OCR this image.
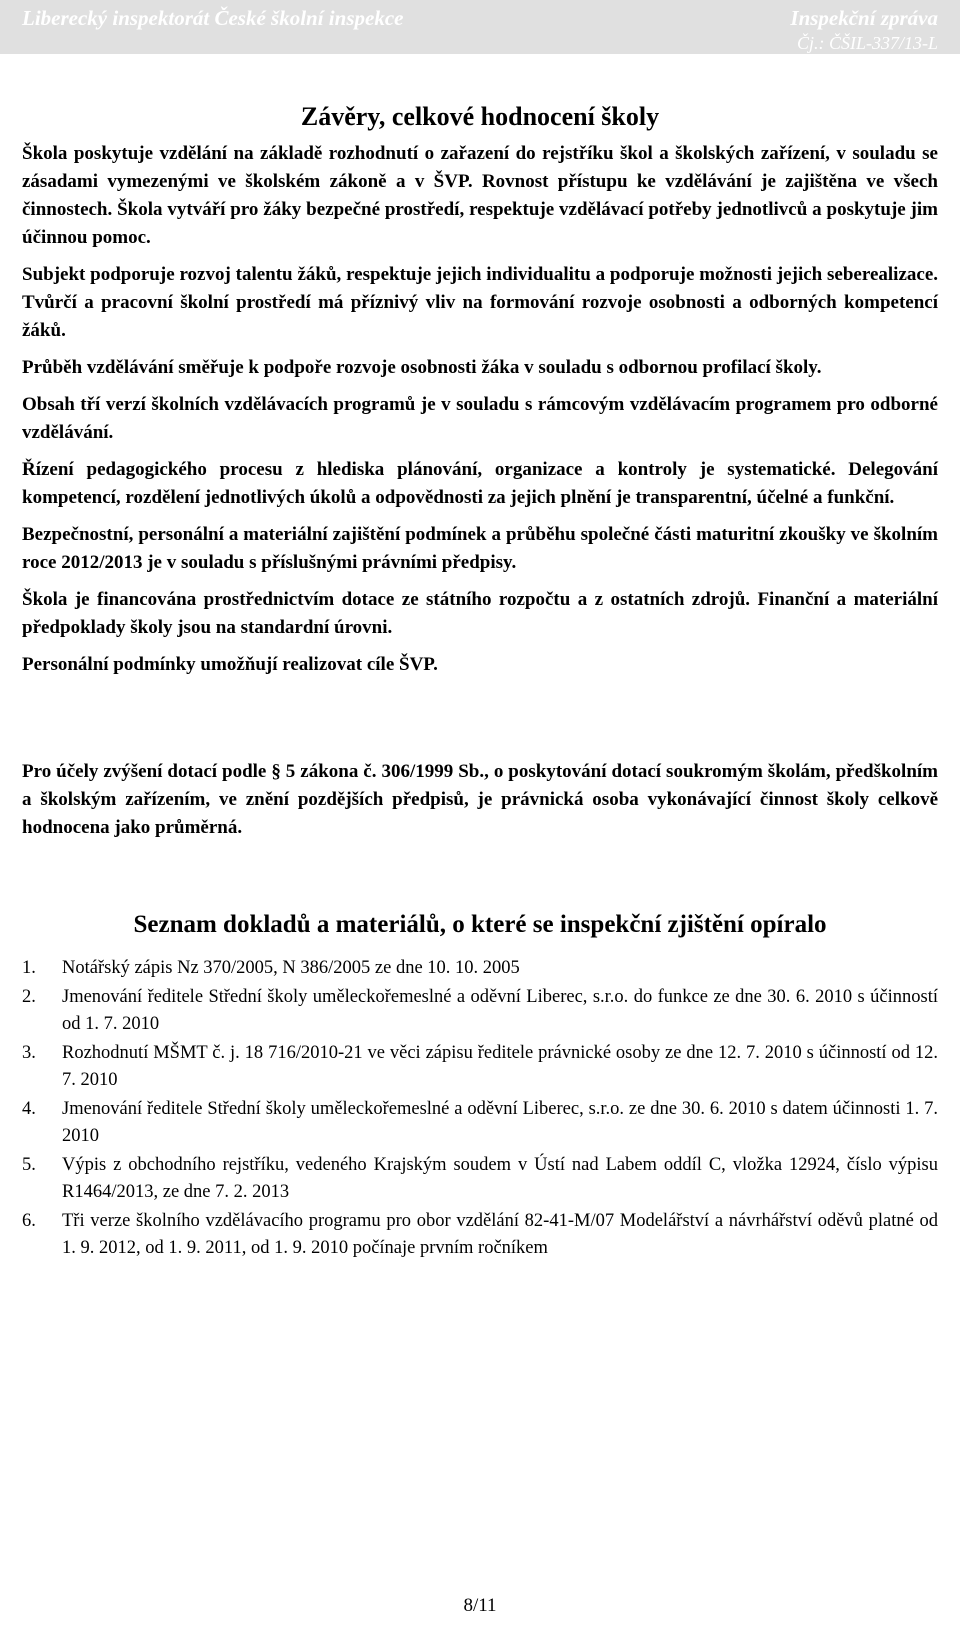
Liberecký inspektorát České školní inspekce	Inspekční zpráva
Čj.: ČŠIL-337/13-L
Závěry, celkové hodnocení školy

Škola poskytuje vzdělání na základě rozhodnutí o zařazení do rejstříku škol a školských zařízení, v souladu se zásadami vymezenými ve školském zákoně a v ŠVP. Rovnost přístupu ke vzdělávání je zajištěna ve všech činnostech. Škola vytváří pro žáky bezpečné prostředí, respektuje vzdělávací potřeby jednotlivců a poskytuje jim účinnou pomoc.

Subjekt podporuje rozvoj talentu žáků, respektuje jejich individualitu a podporuje možnosti jejich seberealizace. Tvůrčí a pracovní školní prostředí má příznivý vliv na formování rozvoje osobnosti a odborných kompetencí žáků.

Průběh vzdělávání směřuje k podpoře rozvoje osobnosti žáka v souladu s odbornou profilací školy.

Obsah tří verzí školních vzdělávacích programů je v souladu s rámcovým vzdělávacím programem pro odborné vzdělávání.

Řízení pedagogického procesu z hlediska plánování, organizace a kontroly je systematické. Delegování kompetencí, rozdělení jednotlivých úkolů a odpovědnosti za jejich plnění je transparentní, účelné a funkční.

Bezpečnostní, personální a materiální zajištění podmínek a průběhu společné části maturitní zkoušky ve školním roce 2012/2013 je v souladu s příslušnými právními předpisy.

Škola je financována prostřednictvím dotace ze státního rozpočtu a z ostatních zdrojů. Finanční a materiální předpoklady školy jsou na standardní úrovni.

Personální podmínky umožňují realizovat cíle ŠVP.

Pro účely zvýšení dotací podle § 5 zákona č. 306/1999 Sb., o poskytování dotací soukromým školám, předškolním a školským zařízením, ve znění pozdějších předpisů, je právnická osoba vykonávající činnost školy celkově hodnocena jako průměrná.

Seznam dokladů a materiálů, o které se inspekční zjištění opíralo
1. Notářský zápis Nz 370/2005, N 386/2005 ze dne 10. 10. 2005
2. Jmenování ředitele Střední školy uměleckořemeslné a oděvní Liberec, s.r.o. do funkce ze dne 30. 6. 2010 s účinností od 1. 7. 2010
3. Rozhodnutí MŠMT č. j. 18 716/2010-21 ve věci zápisu ředitele právnické osoby ze dne 12. 7. 2010 s účinností od 12. 7. 2010
4. Jmenování ředitele Střední školy uměleckořemeslné a oděvní Liberec, s.r.o. ze dne 30. 6. 2010 s datem účinnosti 1. 7. 2010
5. Výpis z obchodního rejstříku, vedeného Krajským soudem v Ústí nad Labem oddíl C, vložka 12924, číslo výpisu R1464/2013, ze dne 7. 2. 2013
6. Tři verze školního vzdělávacího programu pro obor vzdělání 82-41-M/07 Modelářství a návrhářství oděvů platné od 1. 9. 2012, od 1. 9. 2011, od 1. 9. 2010 počínaje prvním ročníkem
8/11
